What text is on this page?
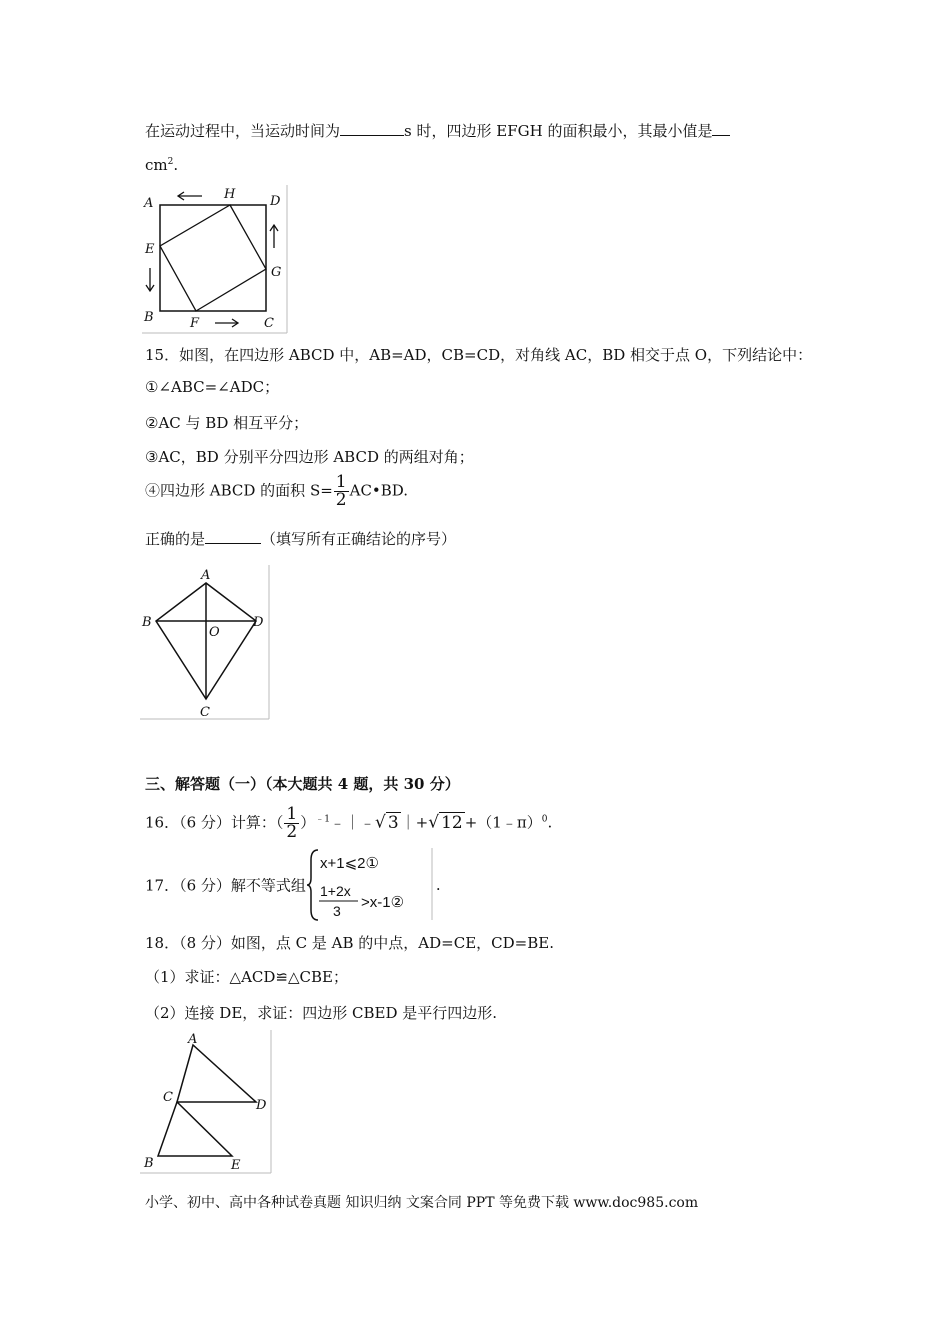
在运动过程中，当运动时间为	s 时，四边形 EFGH 的面积最小，其最小值是
$cm^2$.
A
H	D
E
G
B	F	C
15．如图，在四边形 ABCD 中，AB=AD，CB=CD，对角线 AC，BD 相交于点 O，下列结论中：
①∠ABC=∠ADC；
②AC 与 BD 相互平分；
③AC，BD 分别平分四边形 ABCD 的两组对角；
④四边形 ABCD 的面积 $S= \frac{1}{2}$ AC•BD.
正确的是	（填写所有正确结论的序号）
A
B
O
D
C
三、解答题（一）（本大题共 4 题，共 30 分）
16．（6 分）计算：（ $\frac{1}{2}$ ）$^{﹣1}$﹣｜﹣√ 3 ｜+√ 12 +（1﹣π）$^0$.
17．（6 分）解不等式组
x+1⩽2①
1+2x
3 >x-1②
.
18．（8 分）如图，点 C 是 AB 的中点，AD=CE，CD=BE.
（1）求证：△ACD≌△CBE；
（2）连接 DE，求证：四边形 CBED 是平行四边形.
A
C
D
B	E
小学、初中、高中各种试卷真题 知识归纳 文案合同 PPT 等免费下载 www.doc985.com
